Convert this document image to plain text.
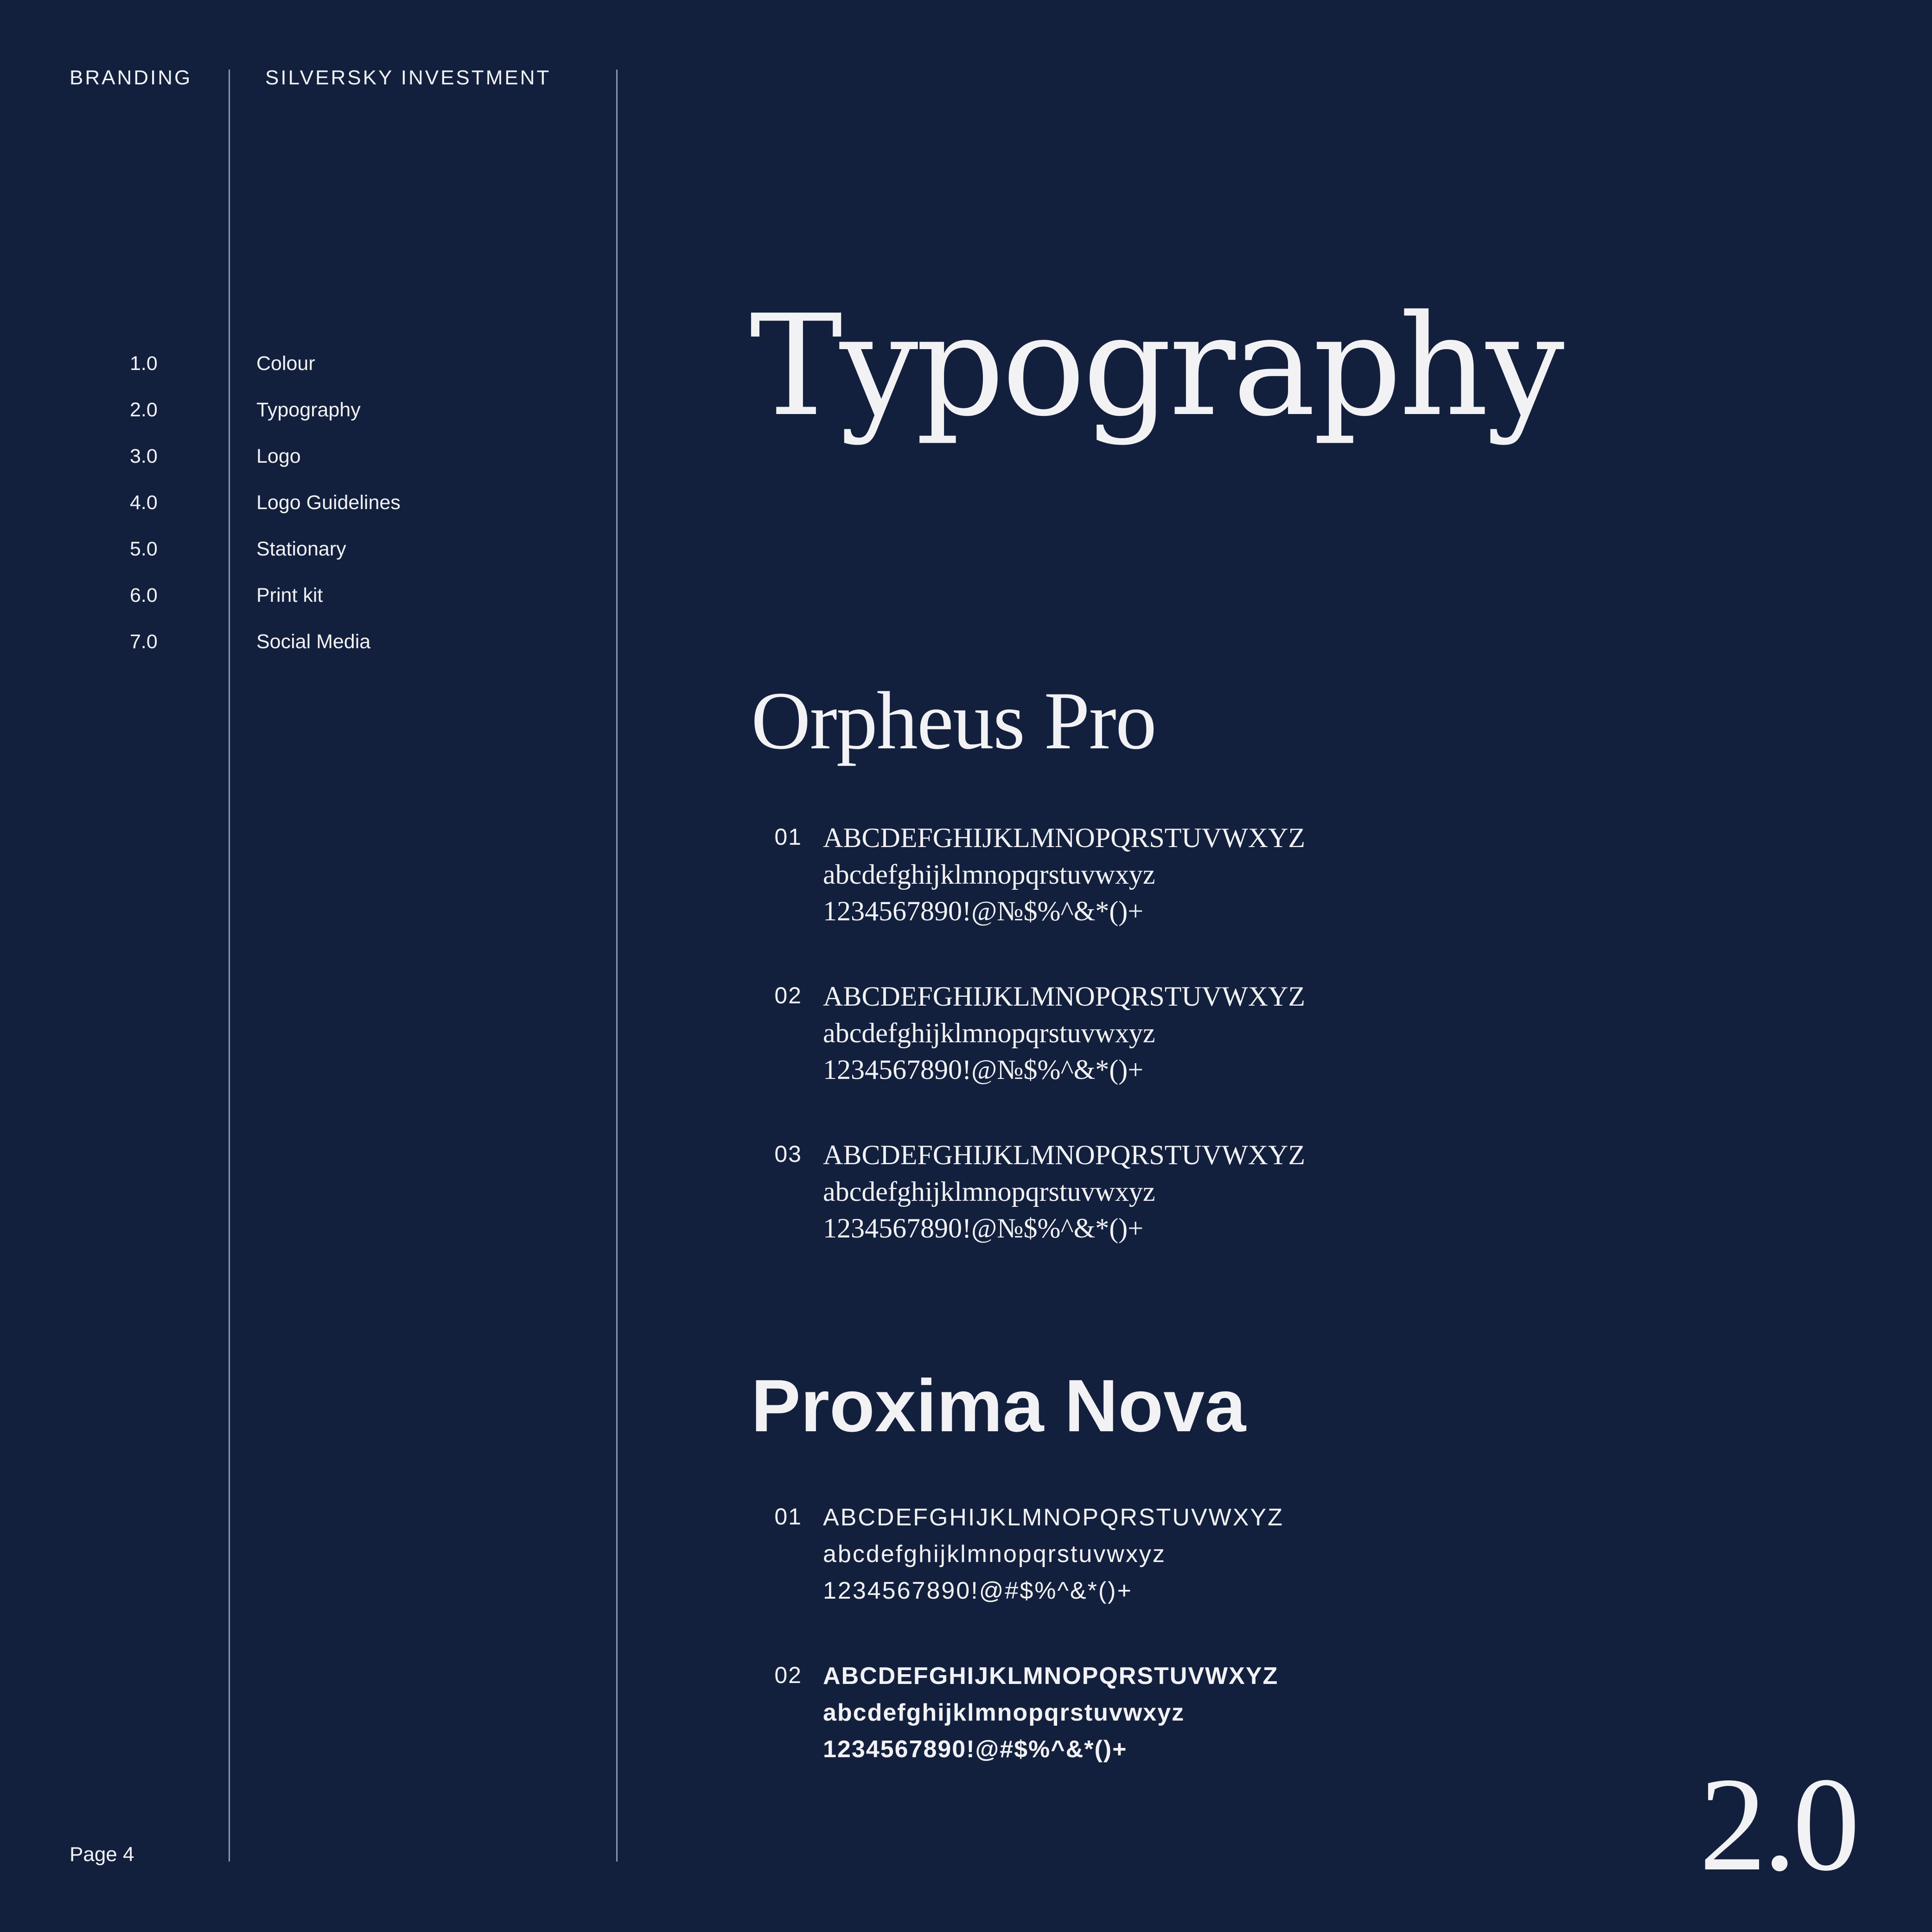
BRANDING	SILVERSKY INVESTMENT
1.0	Colour
2.0	Typography
3.0	Logo
4.0	Logo Guidelines
5.0	Stationary
6.0	Print kit
7.0	Social Media
Typography
Orpheus Pro
01 ABCDEFGHIJKLMNOPQRSTUVWXYZ
abcdefghijklmnopqrstuvwxyz
1234567890!@№$%^&*()+
02 ABCDEFGHIJKLMNOPQRSTUVWXYZ
abcdefghijklmnopqrstuvwxyz
1234567890!@№$%^&*()+
03 ABCDEFGHIJKLMNOPQRSTUVWXYZ
abcdefghijklmnopqrstuvwxyz
1234567890!@№$%^&*()+
Proxima Nova
01 ABCDEFGHIJKLMNOPQRSTUVWXYZ
abcdefghijklmnopqrstuvwxyz
1234567890!@#$%^&*()+
02 ABCDEFGHIJKLMNOPQRSTUVWXYZ
abcdefghijklmnopqrstuvwxyz
1234567890!@#$%^&*()+
Page 4	2.0
